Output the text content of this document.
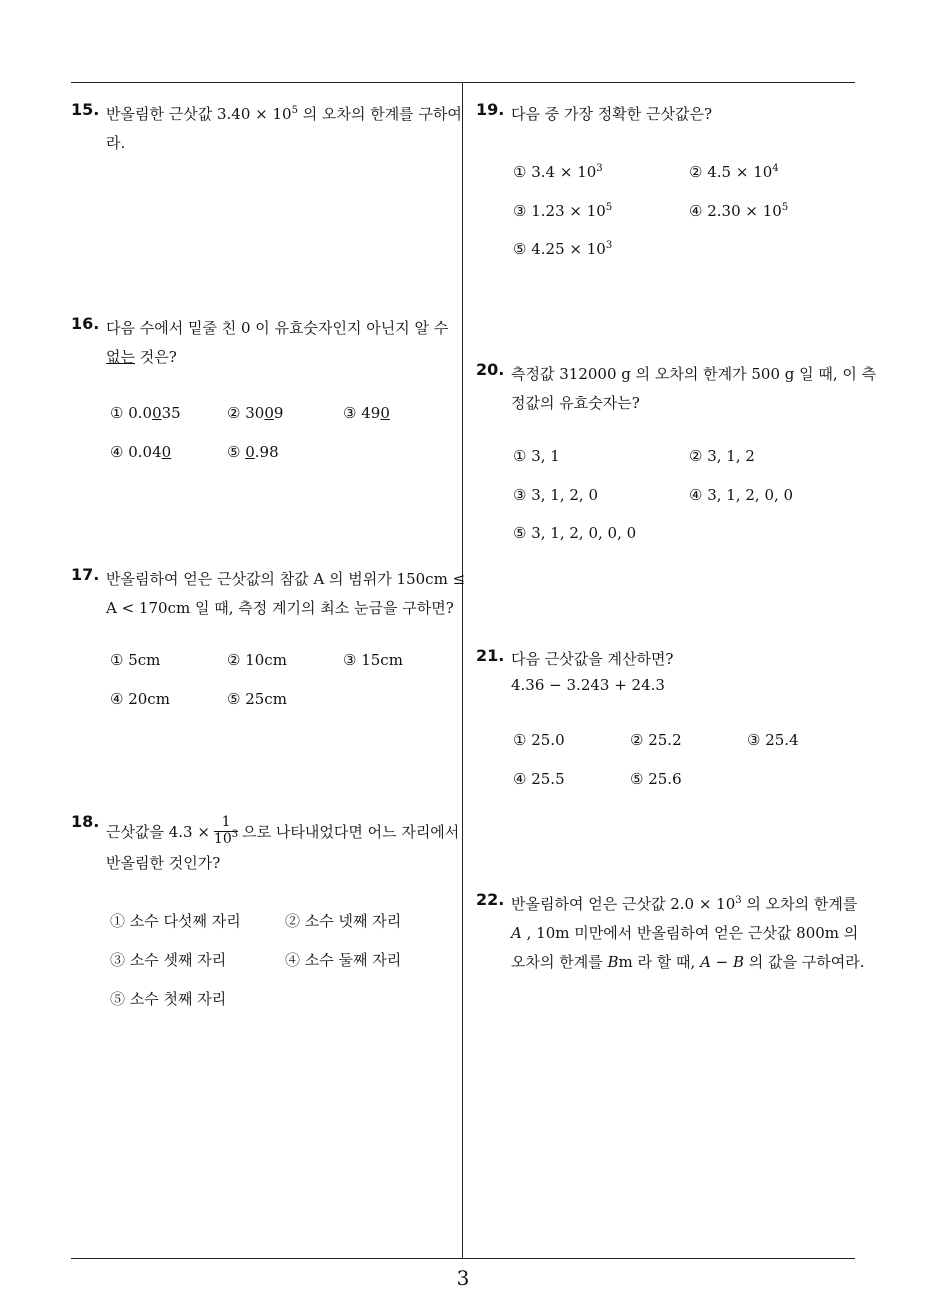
15. 반올림한 근삿값 $3.40 \times 10^5$ 의 오차의 한계를 구하여
라.
16. 다음 수에서 밑줄 친 0 이 유효숫자인지 아닌지 알 수
없는 것은?
① 0.0035	② 3009	③ 490
④ 0.040	⑤ 0.98
17. 반올림하여 얻은 근삿값의 참값 A 의 범위가 150cm ≤
A < 170cm 일 때, 측정 계기의 최소 눈금을 구하면?
① 5cm	② 10cm	③ 15cm
④ 20cm	⑤ 25cm
18.
근삿값을 $4.3 \times \frac{1}{10^3}$ 으로 나타내었다면 어느 자리에서
반올림한 것인가?
① 소수 다섯째 자리	② 소수 넷째 자리
③ 소수 셋째 자리	④ 소수 둘째 자리
⑤ 소수 첫째 자리
19. 다음 중 가장 정확한 근삿값은?
① $3.4 \times 10^3$	② $4.5 \times 10^4$
③ $1.23 \times 10^5$	④ $2.30 \times 10^5$
⑤ $4.25 \times 10^3$
20. 측정값 312000 g 의 오차의 한계가 500 g 일 때, 이 측
정값의 유효숫자는?
① 3, 1	② 3, 1, 2
③ 3, 1, 2, 0	④ 3, 1, 2, 0, 0
⑤ 3, 1, 2, 0, 0, 0
21. 다음 근삿값을 계산하면?
4.36 − 3.243 + 24.3
① 25.0	② 25.2	③ 25.4
④ 25.5	⑤ 25.6
22. 반올림하여 얻은 근삿값 $2.0 \times 10^3$ 의 오차의 한계를
A , 10m 미만에서 반올림하여 얻은 근삿값 800m 의
오차의 한계를 Bm 라 할 때, A − B 의 값을 구하여라.
3
